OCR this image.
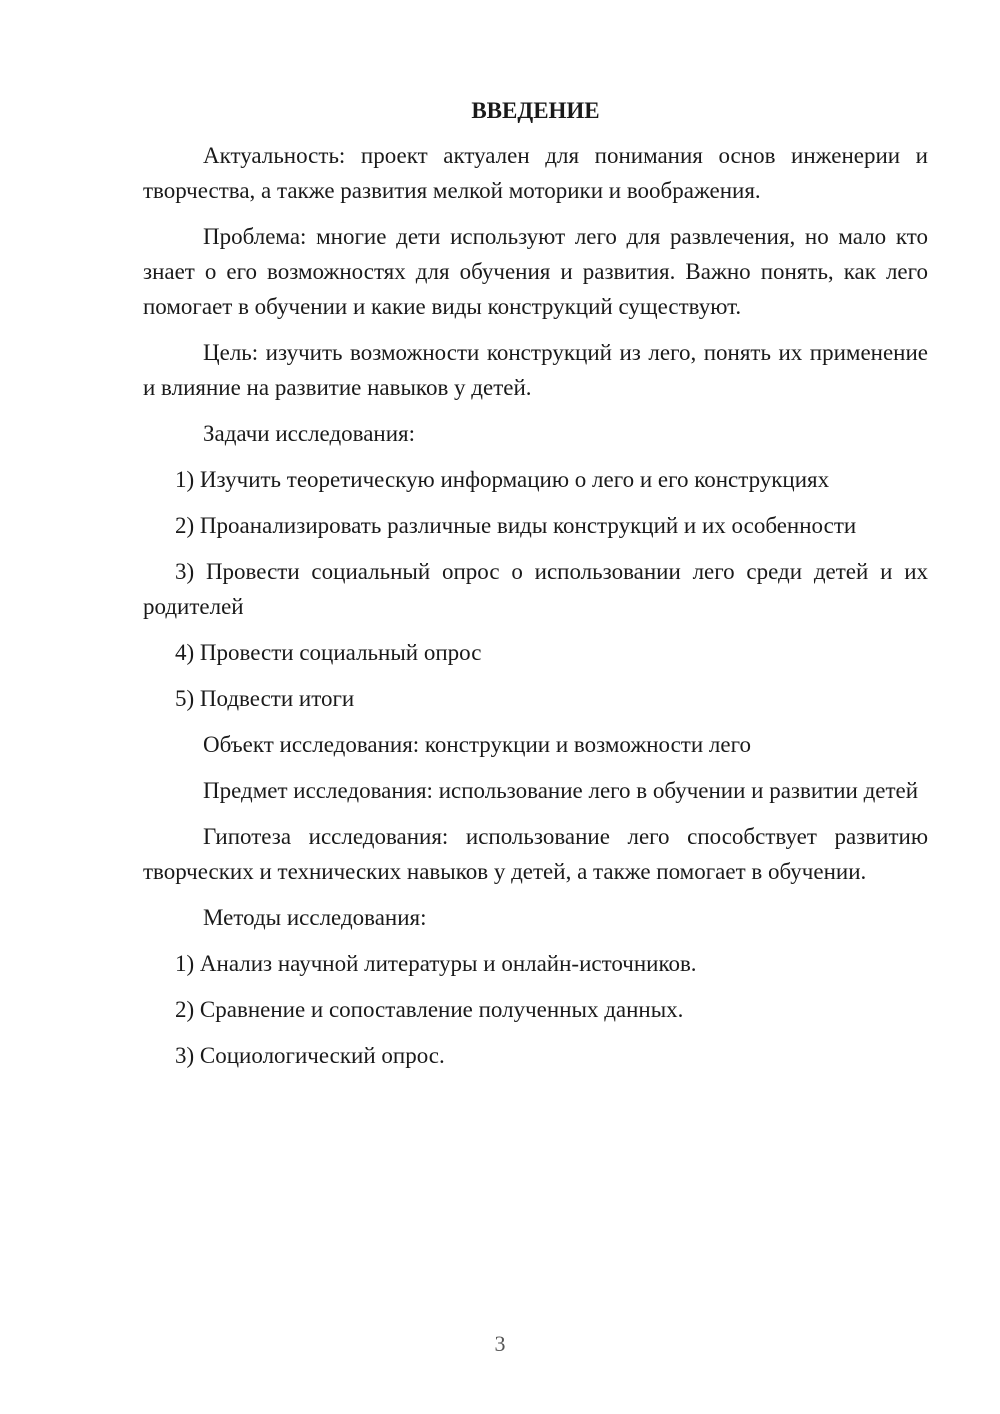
ВВЕДЕНИЕ

Актуальность: проект актуален для понимания основ инженерии и творчества, а также развития мелкой моторики и воображения.

Проблема: многие дети используют лего для развлечения, но мало кто знает о его возможностях для обучения и развития. Важно понять, как лего помогает в обучении и какие виды конструкций существуют.

Цель: изучить возможности конструкций из лего, понять их применение и влияние на развитие навыков у детей.

Задачи исследования:

1) Изучить теоретическую информацию о лего и его конструкциях

2) Проанализировать различные виды конструкций и их особенности

3) Провести социальный опрос о использовании лего среди детей и их родителей

4) Провести социальный опрос

5) Подвести итоги

Объект исследования: конструкции и возможности лего

Предмет исследования: использование лего в обучении и развитии детей

Гипотеза исследования: использование лего способствует развитию творческих и технических навыков у детей, а также помогает в обучении.

Методы исследования:

1) Анализ научной литературы и онлайн-источников.

2) Сравнение и сопоставление полученных данных.

3) Социологический опрос.

3
